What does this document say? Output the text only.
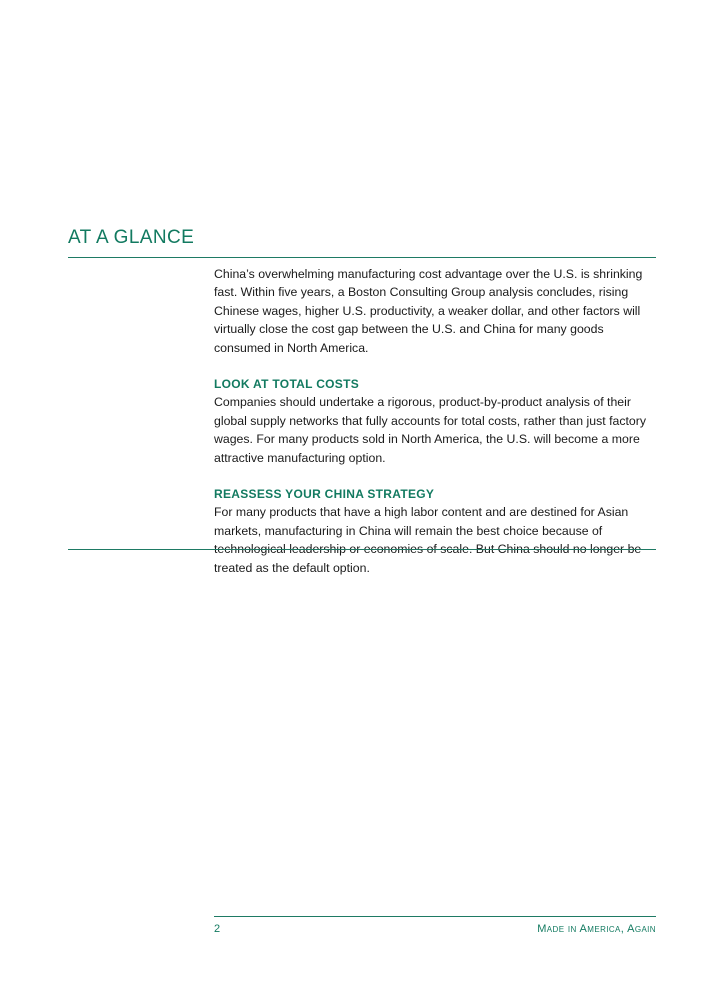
AT A GLANCE

China’s overwhelming manufacturing cost advantage over the U.S. is shrinking fast. Within five years, a Boston Consulting Group analysis concludes, rising Chinese wages, higher U.S. productivity, a weaker dollar, and other factors will virtually close the cost gap between the U.S. and China for many goods consumed in North America.

LOOK AT TOTAL COSTS

Companies should undertake a rigorous, product-by-product analysis of their global supply networks that fully accounts for total costs, rather than just factory wages. For many products sold in North America, the U.S. will become a more attractive manufacturing option.

REASSESS YOUR CHINA STRATEGY

For many products that have a high labor content and are destined for Asian markets, manufacturing in China will remain the best choice because of technological leadership or economies of scale. But China should no longer be treated as the default option.

2	Made in America, Again
